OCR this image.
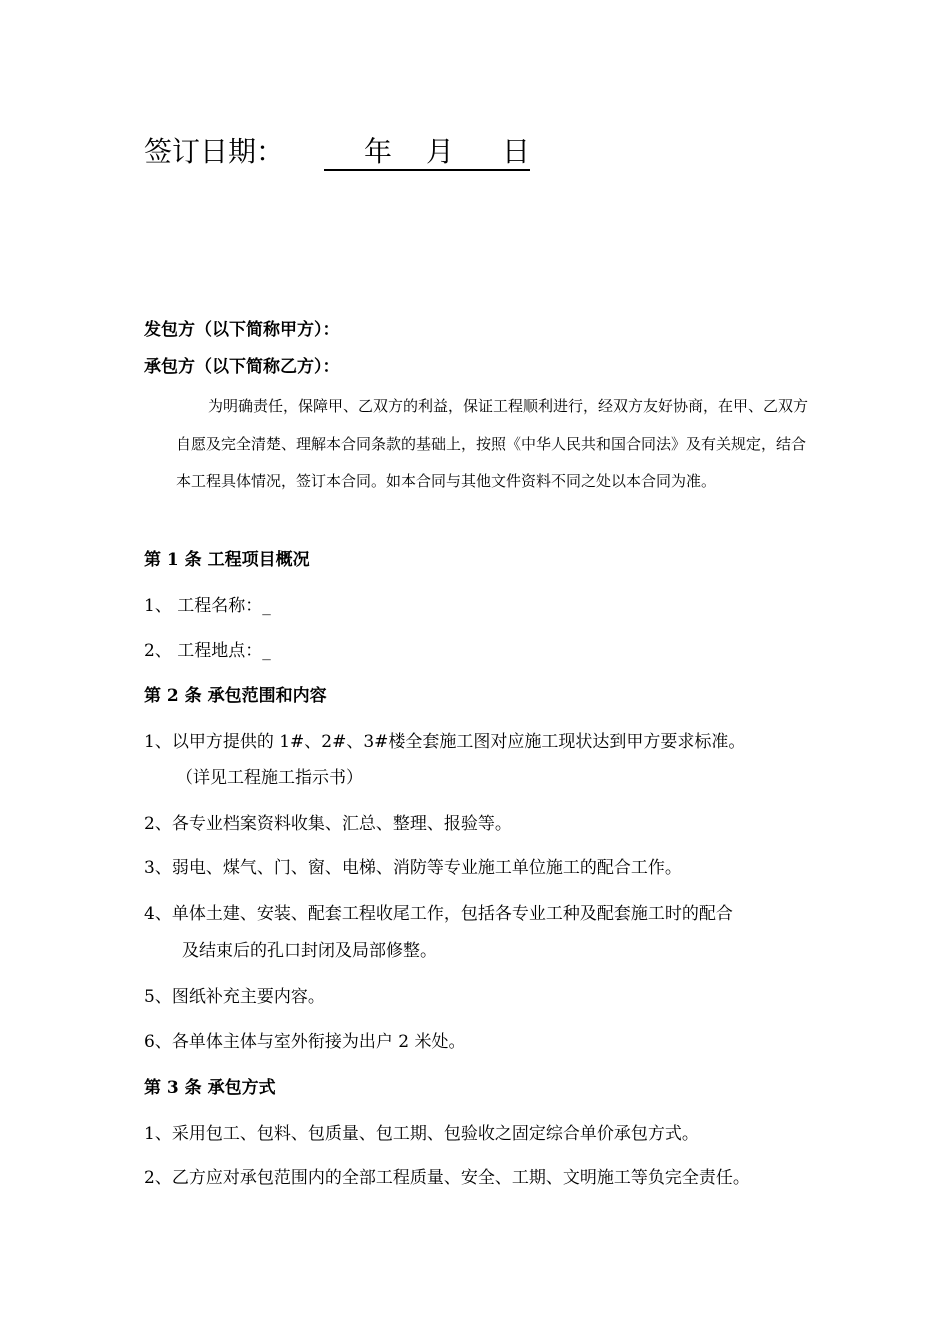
签订日期：	年 月 日
发包方（以下简称甲方）：
承包方（以下简称乙方）：
为明确责任，保障甲、乙双方的利益，保证工程顺利进行，经双方友好协商，在甲、乙双方自愿及完全清楚、理解本合同条款的基础上，按照《中华人民共和国合同法》及有关规定，结合本工程具体情况，签订本合同。如本合同与其他文件资料不同之处以本合同为准。
第 1 条 工程项目概况
1、 工程名称：_
2、 工程地点：_
第 2 条 承包范围和内容
1、以甲方提供的 1#、2#、3#楼全套施工图对应施工现状达到甲方要求标准。
（详见工程施工指示书）
2、各专业档案资料收集、汇总、整理、报验等。
3、弱电、煤气、门、窗、电梯、消防等专业施工单位施工的配合工作。
4、单体土建、安装、配套工程收尾工作，包括各专业工种及配套施工时的配合
及结束后的孔口封闭及局部修整。
5、图纸补充主要内容。
6、各单体主体与室外衔接为出户 2 米处。
第 3 条 承包方式
1、采用包工、包料、包质量、包工期、包验收之固定综合单价承包方式。
2、乙方应对承包范围内的全部工程质量、安全、工期、文明施工等负完全责任。
